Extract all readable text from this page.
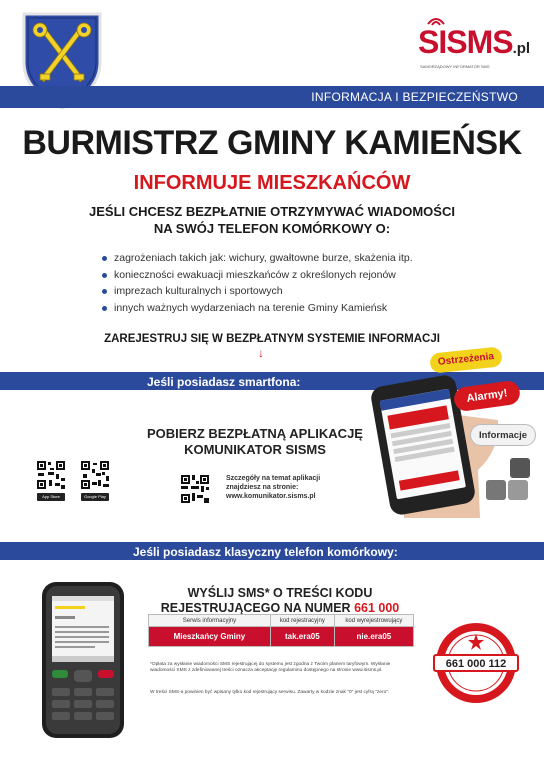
SISMS.pl
SAMORZĄDOWY INFORMATOR SMS
INFORMACJA I BEZPIECZEŃSTWO
BURMISTRZ GMINY KAMIEŃSK
INFORMUJE MIESZKAŃCÓW
JEŚLI CHCESZ BEZPŁATNIE OTRZYMYWAĆ WIADOMOŚCI
NA SWÓJ TELEFON KOMÓRKOWY O:
zagrożeniach takich jak: wichury, gwałtowne burze, skażenia itp.
konieczności ewakuacji mieszkańców z określonych rejonów
imprezach kulturalnych i sportowych
innych ważnych wydarzeniach na terenie Gminy Kamieńsk
ZAREJESTRUJ SIĘ W BEZPŁATNYM SYSTEMIE INFORMACJI
↓
Jeśli posiadasz smartfona:
POBIERZ BEZPŁATNĄ APLIKACJĘ
KOMUNIKATOR SISMS
App Store	Google Play
Szczegóły na temat aplikacji
znajdziesz na stronie:
www.komunikator.sisms.pl
Ostrzeżenia
Alarmy!
Informacje
Jeśli posiadasz klasyczny telefon komórkowy:
WYŚLIJ SMS* O TREŚCI KODU
REJESTRUJĄCEGO NA NUMER 661 000
Serwis informacyjny	kod rejestracyjny	kod wyrejestrowujący
Mieszkańcy Gminy	tak.era05	nie.era05
*Opłata za wysłanie wiadomości SMS rejestrującej do systemu jest zgodna z Twoim planem taryfowym. Wysłanie wiadomości SMS z zdefiniowanej treści oznacza akceptację regulaminu dostępnego na stronie www.sisms.pl.
W treści SMS-a powinien być wpisany tylko kod rejestrujący serwisu. Zawarty w kodzie znak "0" jest cyfrą "zero".
661 000 112
